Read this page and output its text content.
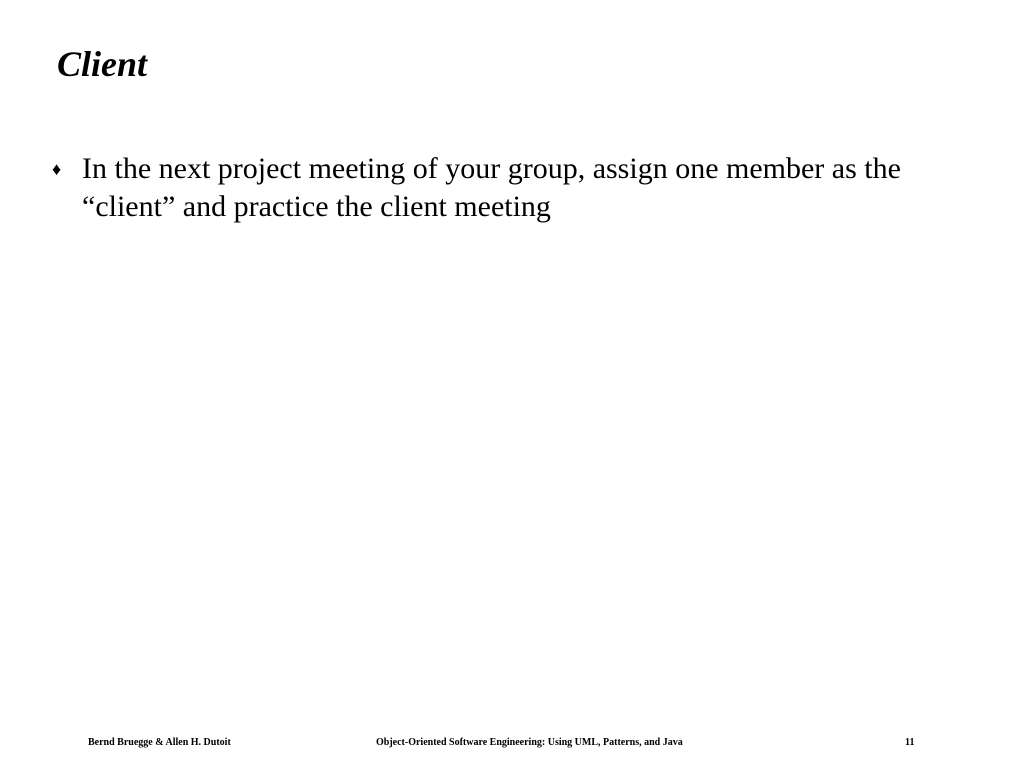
Client
♦ In the next project meeting of your group, assign one member as the “client” and practice the client meeting
Bernd Bruegge & Allen H. Dutoit	Object-Oriented Software Engineering: Using UML, Patterns, and Java	11
